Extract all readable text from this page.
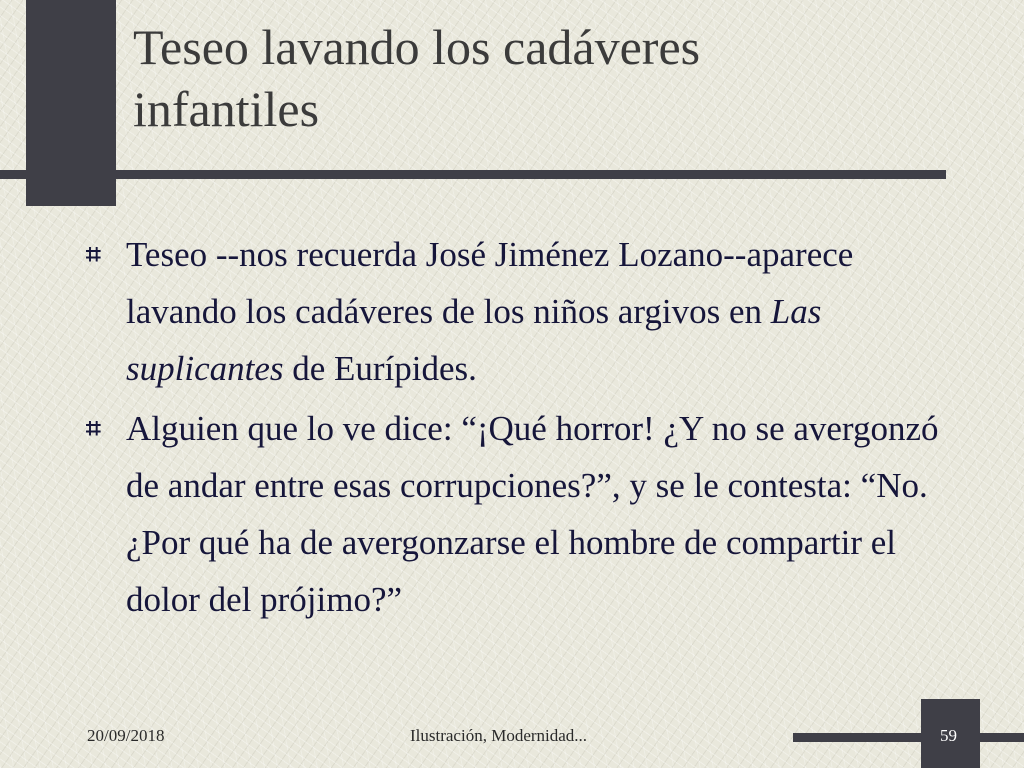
Teseo lavando los cadáveres
infantiles
⌗ Teseo --nos recuerda José Jiménez Lozano--aparece lavando los cadáveres de los niños argivos en Las suplicantes de Eurípides.
⌗ Alguien que lo ve dice: “¡Qué horror! ¿Y no se avergonzó de andar entre esas corrupciones?”, y se le contesta: “No. ¿Por qué ha de avergonzarse el hombre de compartir el dolor del prójimo?”
20/09/2018	Ilustración, Modernidad...	59
